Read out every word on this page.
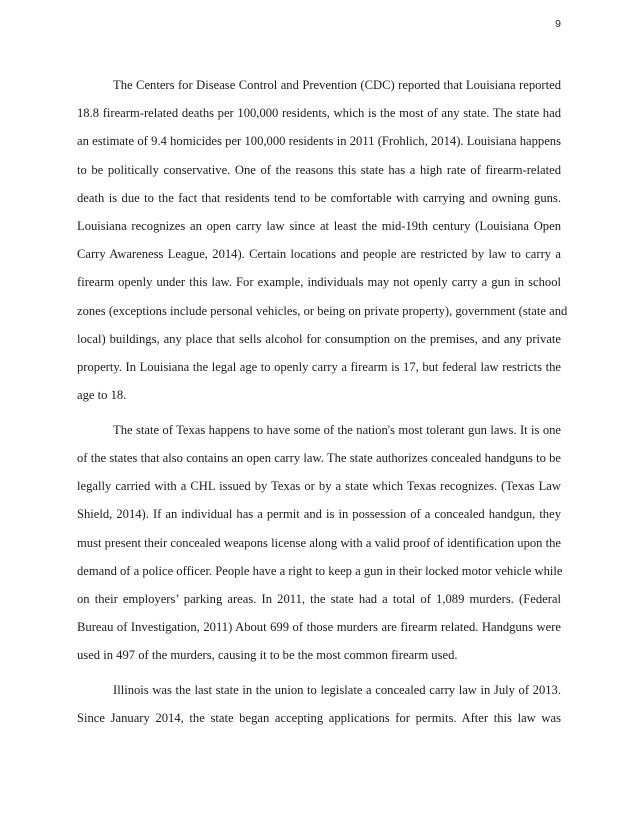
9
The Centers for Disease Control and Prevention (CDC) reported that Louisiana reported
18.8 firearm-related deaths per 100,000 residents, which is the most of any state. The state had
an estimate of 9.4 homicides per 100,000 residents in 2011 (Frohlich, 2014). Louisiana happens
to be politically conservative. One of the reasons this state has a high rate of firearm-related
death is due to the fact that residents tend to be comfortable with carrying and owning guns.
Louisiana recognizes an open carry law since at least the mid-19th century (Louisiana Open
Carry Awareness League, 2014). Certain locations and people are restricted by law to carry a
firearm openly under this law. For example, individuals may not openly carry a gun in school
zones (exceptions include personal vehicles, or being on private property), government (state and
local) buildings, any place that sells alcohol for consumption on the premises, and any private
property. In Louisiana the legal age to openly carry a firearm is 17, but federal law restricts the
age to 18.
The state of Texas happens to have some of the nation's most tolerant gun laws. It is one
of the states that also contains an open carry law. The state authorizes concealed handguns to be
legally carried with a CHL issued by Texas or by a state which Texas recognizes. (Texas Law
Shield, 2014). If an individual has a permit and is in possession of a concealed handgun, they
must present their concealed weapons license along with a valid proof of identification upon the
demand of a police officer. People have a right to keep a gun in their locked motor vehicle while
on their employers’ parking areas. In 2011, the state had a total of 1,089 murders. (Federal
Bureau of Investigation, 2011) About 699 of those murders are firearm related. Handguns were
used in 497 of the murders, causing it to be the most common firearm used.
Illinois was the last state in the union to legislate a concealed carry law in July of 2013.
Since January 2014, the state began accepting applications for permits. After this law was
